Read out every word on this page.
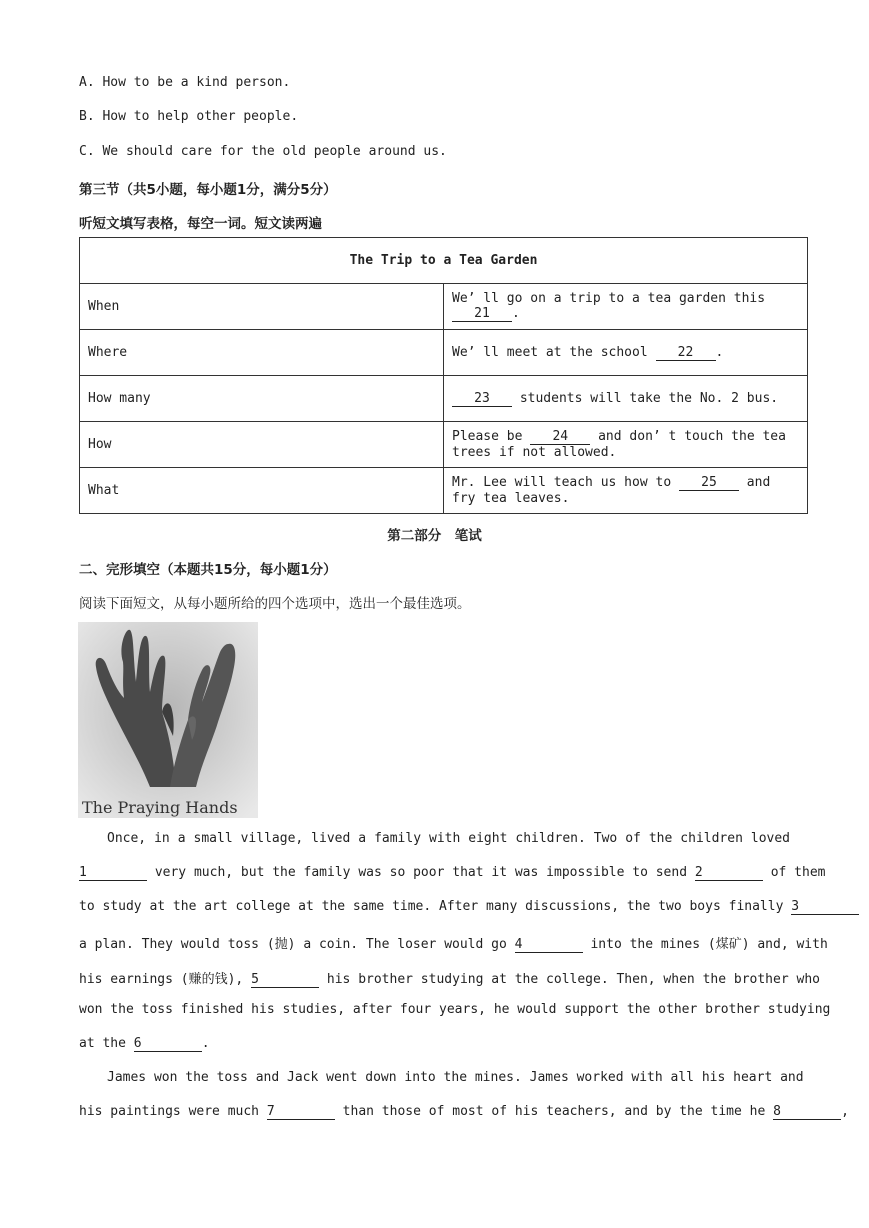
A. How to be a kind person.
B. How to help other people.
C. We should care for the old people around us.
第三节（共5小题，每小题1分，满分5分）
听短文填写表格，每空一词。短文读两遍
The Trip to a Tea Garden	
When	We’ ll go on a trip to a tea garden this 21 .
Where	We’ ll meet at the school 22 .
How many	23 students will take the No. 2 bus.
How	Please be 24 and don’ t touch the tea trees if not allowed.
What	Mr. Lee will teach us how to 25 and fry tea leaves.
第二部分　笔试
二、完形填空（本题共15分，每小题1分）
阅读下面短文，从每小题所给的四个选项中，选出一个最佳选项。
The Praying Hands
Once, in a small village, lived a family with eight children. Two of the children loved
1	very much, but the family was so poor that it was impossible to send 2	of them
to study at the art college at the same time. After many discussions, the two boys finally 3
a plan. They would toss (抛) a coin. The loser would go 4	into the mines (煤矿) and, with
his earnings (赚的钱), 5	his brother studying at the college. Then, when the brother who
won the toss finished his studies, after four years, he would support the other brother studying
at the 6	.
James won the toss and Jack went down into the mines. James worked with all his heart and
his paintings were much 7	than those of most of his teachers, and by the time he 8	,
